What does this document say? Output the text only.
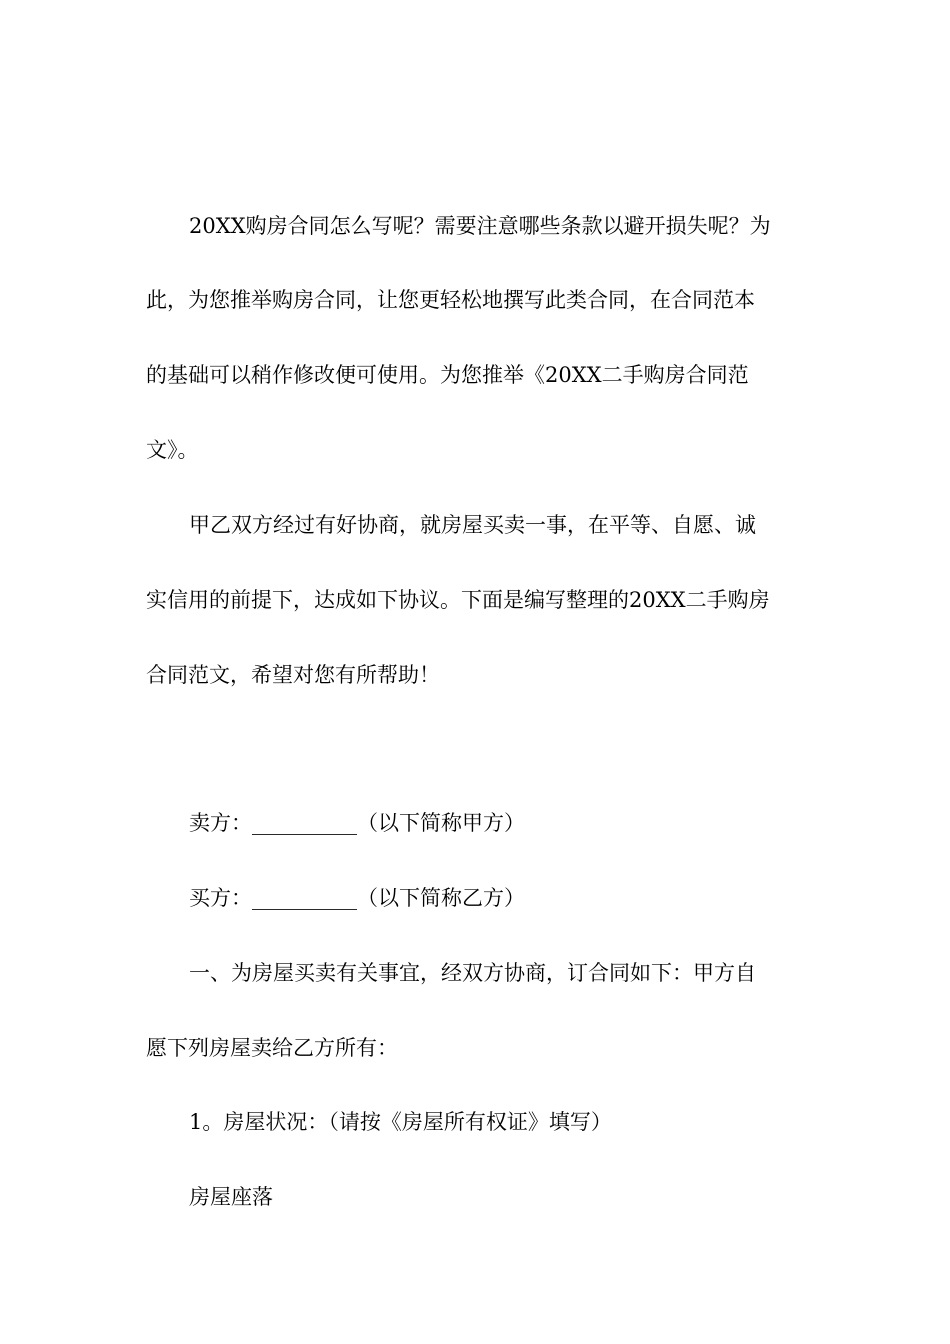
20XX购房合同怎么写呢？需要注意哪些条款以避开损失呢？为
此，为您推举购房合同，让您更轻松地撰写此类合同，在合同范本
的基础可以稍作修改便可使用。为您推举《20XX二手购房合同范
文》。
甲乙双方经过有好协商，就房屋买卖一事，在平等、自愿、诚
实信用的前提下，达成如下协议。下面是编写整理的20XX二手购房
合同范文，希望对您有所帮助！
卖方：__________（以下简称甲方）
买方：__________（以下简称乙方）
一、为房屋买卖有关事宜，经双方协商，订合同如下：甲方自
愿下列房屋卖给乙方所有：
1。房屋状况：（请按《房屋所有权证》填写）
房屋座落
